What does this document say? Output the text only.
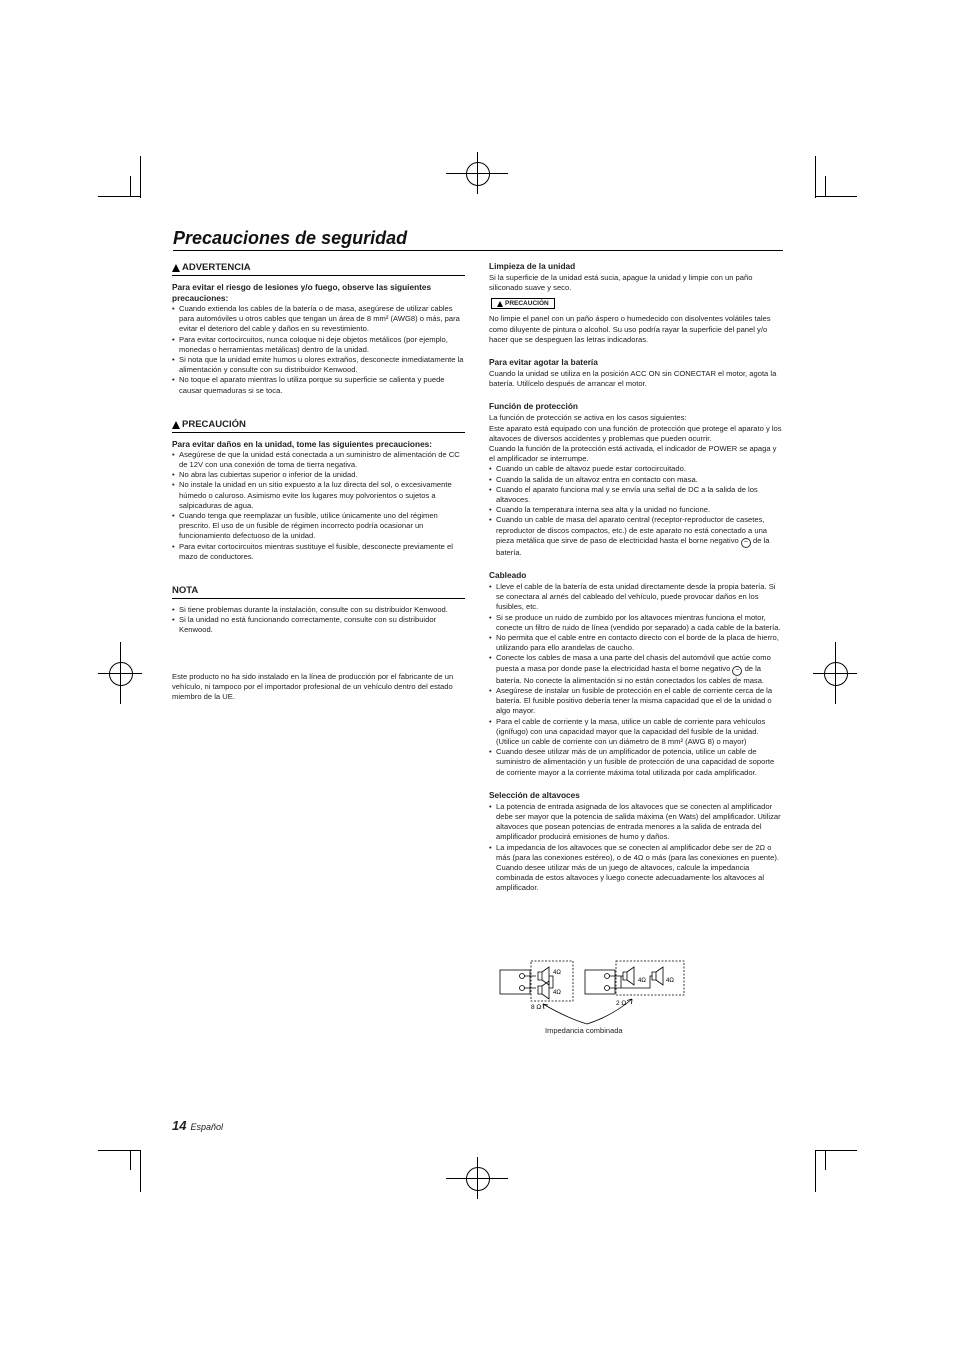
Precauciones de seguridad
ADVERTENCIA

Para evitar el riesgo de lesiones y/o fuego, observe las siguientes precauciones:

• Cuando extienda los cables de la batería o de masa, asegúrese de utilizar cables para automóviles u otros cables que tengan un área de 8 mm² (AWG8) o más, para evitar el deterioro del cable y daños en su revestimiento.
• Para evitar cortocircuitos, nunca coloque ni deje objetos metálicos (por ejemplo, monedas o herramientas metálicas) dentro de la unidad.
• Si nota que la unidad emite humos u olores extraños, desconecte inmediatamente la alimentación y consulte con su distribuidor Kenwood.
• No toque el aparato mientras lo utiliza porque su superficie se calienta y puede causar quemaduras si se toca.
PRECAUCIÓN

Para evitar daños en la unidad, tome las siguientes precauciones:

• Asegúrese de que la unidad está conectada a un suministro de alimentación de CC de 12V con una conexión de toma de tierra negativa.
• No abra las cubiertas superior o inferior de la unidad.
• No instale la unidad en un sitio expuesto a la luz directa del sol, o excesivamente húmedo o caluroso. Asimismo evite los lugares muy polvorientos o sujetos a salpicaduras de agua.
• Cuando tenga que reemplazar un fusible, utilice únicamente uno del régimen prescrito. El uso de un fusible de régimen incorrecto podría ocasionar un funcionamiento defectuoso de la unidad.
• Para evitar cortocircuitos mientras sustituye el fusible, desconecte previamente el mazo de conductores.
NOTA
• Si tiene problemas durante la instalación, consulte con su distribuidor Kenwood.
• Si la unidad no está funcionando correctamente, consulte con su distribuidor Kenwood.

Este producto no ha sido instalado en la línea de producción por el fabricante de un vehículo, ni tampoco por el importador profesional de un vehículo dentro del estado miembro de la UE.

Limpieza de la unidad

Si la superficie de la unidad está sucia, apague la unidad y limpie con un paño siliconado suave y seco.

PRECAUCIÓN

No limpie el panel con un paño áspero o humedecido con disolventes volátiles tales como diluyente de pintura o alcohol. Su uso podría rayar la superficie del panel y/o hacer que se despeguen las letras indicadoras.

Para evitar agotar la batería

Cuando la unidad se utiliza en la posición ACC ON sin CONECTAR el motor, agota la batería. Utilícelo después de arrancar el motor.

Función de protección

La función de protección se activa en los casos siguientes:

Este aparato está equipado con una función de protección que protege el aparato y los altavoces de diversos accidentes y problemas que pueden ocurrir.

Cuando la función de la protección está activada, el indicador de POWER se apaga y el amplificador se interrumpe.

• Cuando un cable de altavoz puede estar cortocircuitado.
• Cuando la salida de un altavoz entra en contacto con masa.
• Cuando el aparato funciona mal y se envía una señal de DC a la salida de los altavoces.
• Cuando la temperatura interna sea alta y la unidad no funcione.
• Cuando un cable de masa del aparato central (receptor-reproductor de casetes, reproductor de discos compactos, etc.) de este aparato no está conectado a una pieza metálica que sirve de paso de electricidad hasta el borne negativo − de la batería.

Cableado

• Lleve el cable de la batería de esta unidad directamente desde la propia batería. Si se conectara al arnés del cableado del vehículo, puede provocar daños en los fusibles, etc.
• Si se produce un ruido de zumbido por los altavoces mientras funciona el motor, conecte un filtro de ruido de línea (vendido por separado) a cada cable de la batería.
• No permita que el cable entre en contacto directo con el borde de la placa de hierro, utilizando para ello arandelas de caucho.
• Conecte los cables de masa a una parte del chasis del automóvil que actúe como puesta a masa por donde pase la electricidad hasta el borne negativo − de la batería. No conecte la alimentación si no están conectados los cables de masa.
• Asegúrese de instalar un fusible de protección en el cable de corriente cerca de la batería. El fusible positivo debería tener la misma capacidad que el de la unidad o algo mayor.
• Para el cable de corriente y la masa, utilice un cable de corriente para vehículos (ignífugo) con una capacidad mayor que la capacidad del fusible de la unidad. (Utilice un cable de corriente con un diámetro de 8 mm² (AWG 8) o mayor)
• Cuando desee utilizar más de un amplificador de potencia, utilice un cable de suministro de alimentación y un fusible de protección de una capacidad de soporte de corriente mayor a la corriente máxima total utilizada por cada amplificador.

Selección de altavoces

• La potencia de entrada asignada de los altavoces que se conecten al amplificador debe ser mayor que la potencia de salida máxima (en Wats) del amplificador. Utilizar altavoces que posean potencias de entrada menores a la salida de entrada del amplificador producirá emisiones de humo y daños.
• La impedancia de los altavoces que se conecten al amplificador debe ser de 2Ω o más (para las conexiones estéreo), o de 4Ω o más (para las conexiones en puente). Cuando desee utilizar más de un juego de altavoces, calcule la impedancia combinada de estos altavoces y luego conecte adecuadamente los altavoces al amplificador.
4Ω
4Ω
8 Ω
4Ω	4Ω
2 Ω
Impedancia combinada
14 Español
